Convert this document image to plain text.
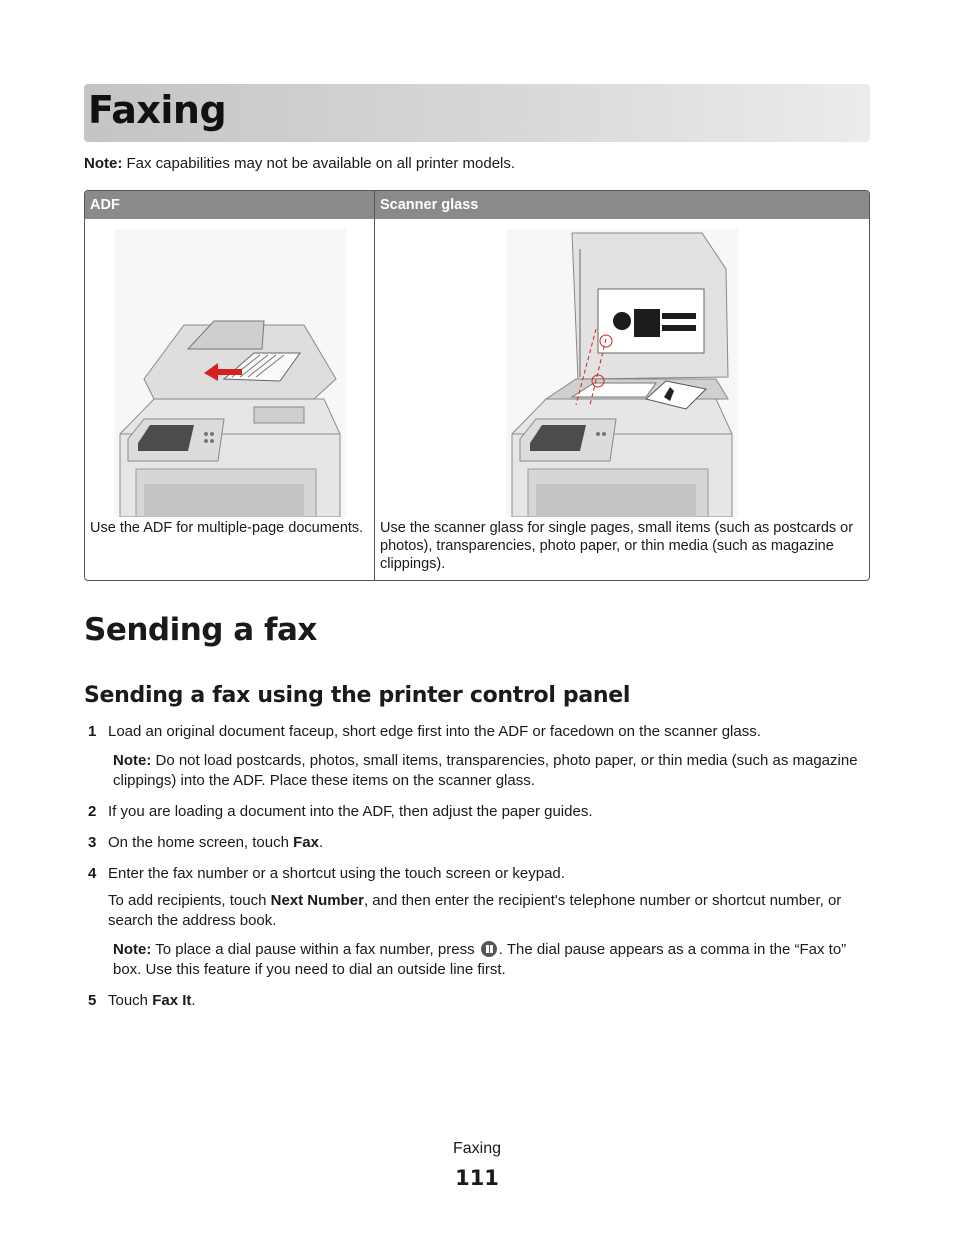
Faxing
Note: Fax capabilities may not be available on all printer models.
ADF	Scanner glass

Use the ADF for multiple-page documents.	Use the scanner glass for single pages, small items (such as postcards or photos), transparencies, photo paper, or thin media (such as magazine clippings).
Sending a fax
Sending a fax using the printer control panel
1 Load an original document faceup, short edge first into the ADF or facedown on the scanner glass.
Note: Do not load postcards, photos, small items, transparencies, photo paper, or thin media (such as magazine clippings) into the ADF. Place these items on the scanner glass.
2 If you are loading a document into the ADF, then adjust the paper guides.
3 On the home screen, touch Fax.
4 Enter the fax number or a shortcut using the touch screen or keypad.
To add recipients, touch Next Number, and then enter the recipient's telephone number or shortcut number, or search the address book.
Note: To place a dial pause within a fax number, press . The dial pause appears as a comma in the “Fax to” box. Use this feature if you need to dial an outside line first.
5 Touch Fax It.
Faxing
111
